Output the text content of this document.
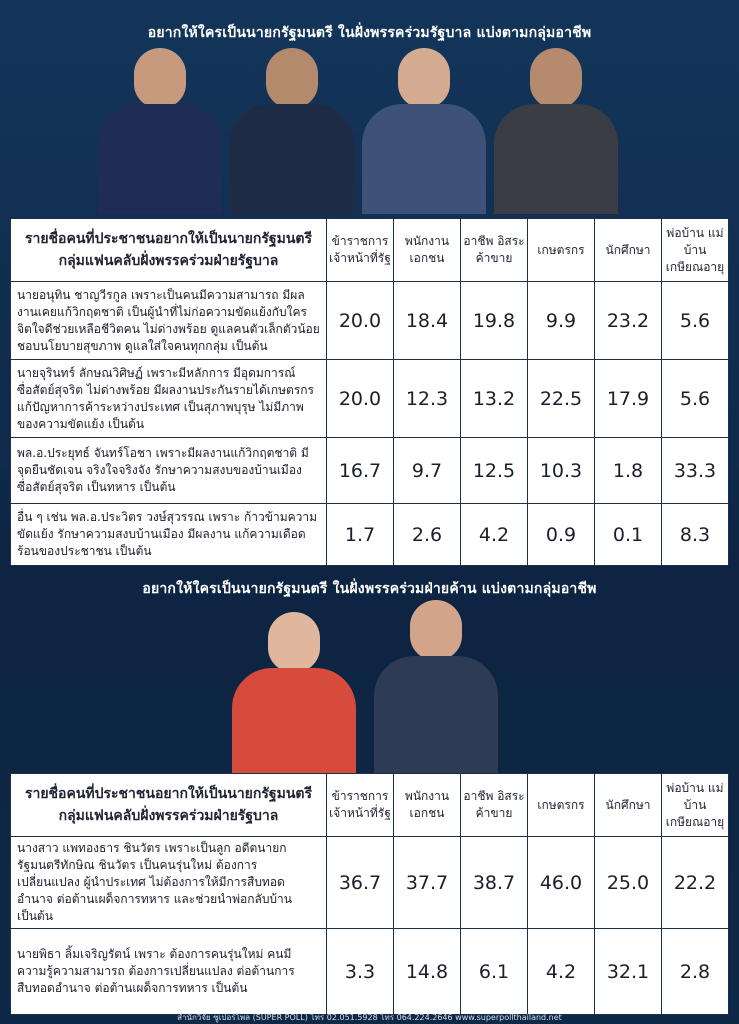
อยากให้ใครเป็นนายกรัฐมนตรี ในฝั่งพรรคร่วมรัฐบาล แบ่งตามกลุ่มอาชีพ
รายชื่อคนที่ประชาชนอยากให้เป็นนายกรัฐมนตรี กลุ่มแฟนคลับฝั่งพรรคร่วมฝ่ายรัฐบาล	ข้าราชการ เจ้าหน้าที่รัฐ	พนักงาน เอกชน	อาชีพ อิสระ ค้าขาย	เกษตรกร	นักศึกษา	พ่อบ้าน แม่บ้าน เกษียณอายุ
นายอนุทิน ชาญวีรกูล เพราะเป็นคนมีความสามารถ มีผลงานเคยแก้วิกฤตชาติ เป็นผู้นำที่ไม่ก่อความขัดแย้งกับใคร จิตใจดีช่วยเหลือชีวิตคน ไม่ด่างพร้อย ดูแลคนตัวเล็กตัวน้อย ชอบนโยบายสุขภาพ ดูแลใส่ใจคนทุกกลุ่ม เป็นต้น	20.0	18.4	19.8	9.9	23.2	5.6
นายจุรินทร์ ลักษณวิศิษฏ์ เพราะมีหลักการ มีอุดมการณ์ซื่อสัตย์สุจริต ไม่ด่างพร้อย มีผลงานประกันรายได้เกษตรกร แก้ปัญหาการค้าระหว่างประเทศ เป็นสุภาพบุรุษ ไม่มีภาพของความขัดแย้ง เป็นต้น	20.0	12.3	13.2	22.5	17.9	5.6
พล.อ.ประยุทธ์ จันทร์โอชา เพราะมีผลงานแก้วิกฤตชาติ มีจุดยืนชัดเจน จริงใจจริงจัง รักษาความสงบของบ้านเมือง ซื่อสัตย์สุจริต เป็นทหาร เป็นต้น	16.7	9.7	12.5	10.3	1.8	33.3
อื่น ๆ เช่น พล.อ.ประวิตร วงษ์สุวรรณ เพราะ ก้าวข้ามความขัดแย้ง รักษาความสงบบ้านเมือง มีผลงาน แก้ความเดือดร้อนของประชาชน เป็นต้น	1.7	2.6	4.2	0.9	0.1	8.3
อยากให้ใครเป็นนายกรัฐมนตรี ในฝั่งพรรคร่วมฝ่ายค้าน แบ่งตามกลุ่มอาชีพ
รายชื่อคนที่ประชาชนอยากให้เป็นนายกรัฐมนตรี กลุ่มแฟนคลับฝั่งพรรคร่วมฝ่ายรัฐบาล	ข้าราชการ เจ้าหน้าที่รัฐ	พนักงาน เอกชน	อาชีพ อิสระ ค้าขาย	เกษตรกร	นักศึกษา	พ่อบ้าน แม่บ้าน เกษียณอายุ
นางสาว แพทองธาร ชินวัตร เพราะเป็นลูก อดีตนายกรัฐมนตรีทักษิณ ชินวัตร เป็นคนรุ่นใหม่ ต้องการเปลี่ยนแปลง ผู้นำประเทศ ไม่ต้องการให้มีการสืบทอดอำนาจ ต่อต้านเผด็จการทหาร และช่วยนำพ่อกลับบ้าน เป็นต้น	36.7	37.7	38.7	46.0	25.0	22.2
นายพิธา ลิ้มเจริญรัตน์ เพราะ ต้องการคนรุ่นใหม่ คนมีความรู้ความสามารถ ต้องการเปลี่ยนแปลง ต่อต้านการสืบทอดอำนาจ ต่อต้านเผด็จการทหาร เป็นต้น	3.3	14.8	6.1	4.2	32.1	2.8
สำนักวิจัย ซูเปอร์โพล (SUPER POLL) โทร 02.051.5928 โทร 064.224.2646 www.superpollthailand.net
